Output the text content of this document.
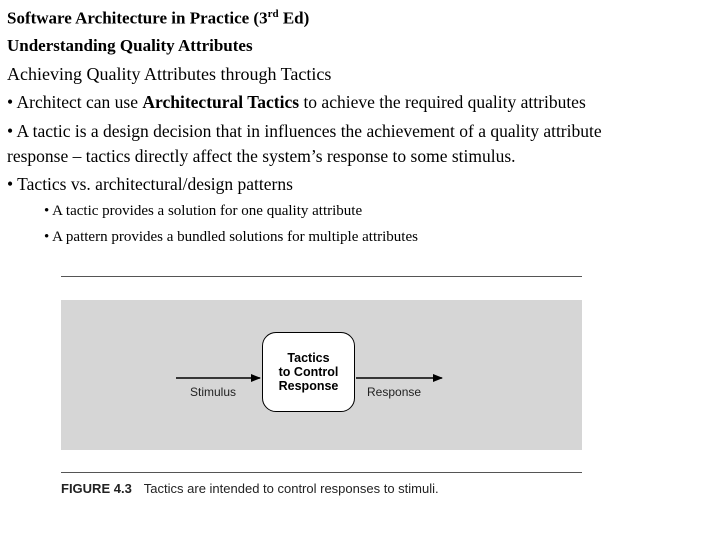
Software Architecture in Practice (3rd Ed)
Understanding Quality Attributes
Achieving Quality Attributes through Tactics
• Architect can use Architectural Tactics to achieve the required quality attributes
• A tactic is a design decision that in influences the achievement of a quality attribute
response – tactics directly affect the system’s response to some stimulus.
• Tactics vs. architectural/design patterns
• A tactic provides a solution for one quality attribute
• A pattern provides a bundled solutions for multiple attributes
Tactics
to Control
Response
Stimulus	Response
FIGURE 4.3 Tactics are intended to control responses to stimuli.
